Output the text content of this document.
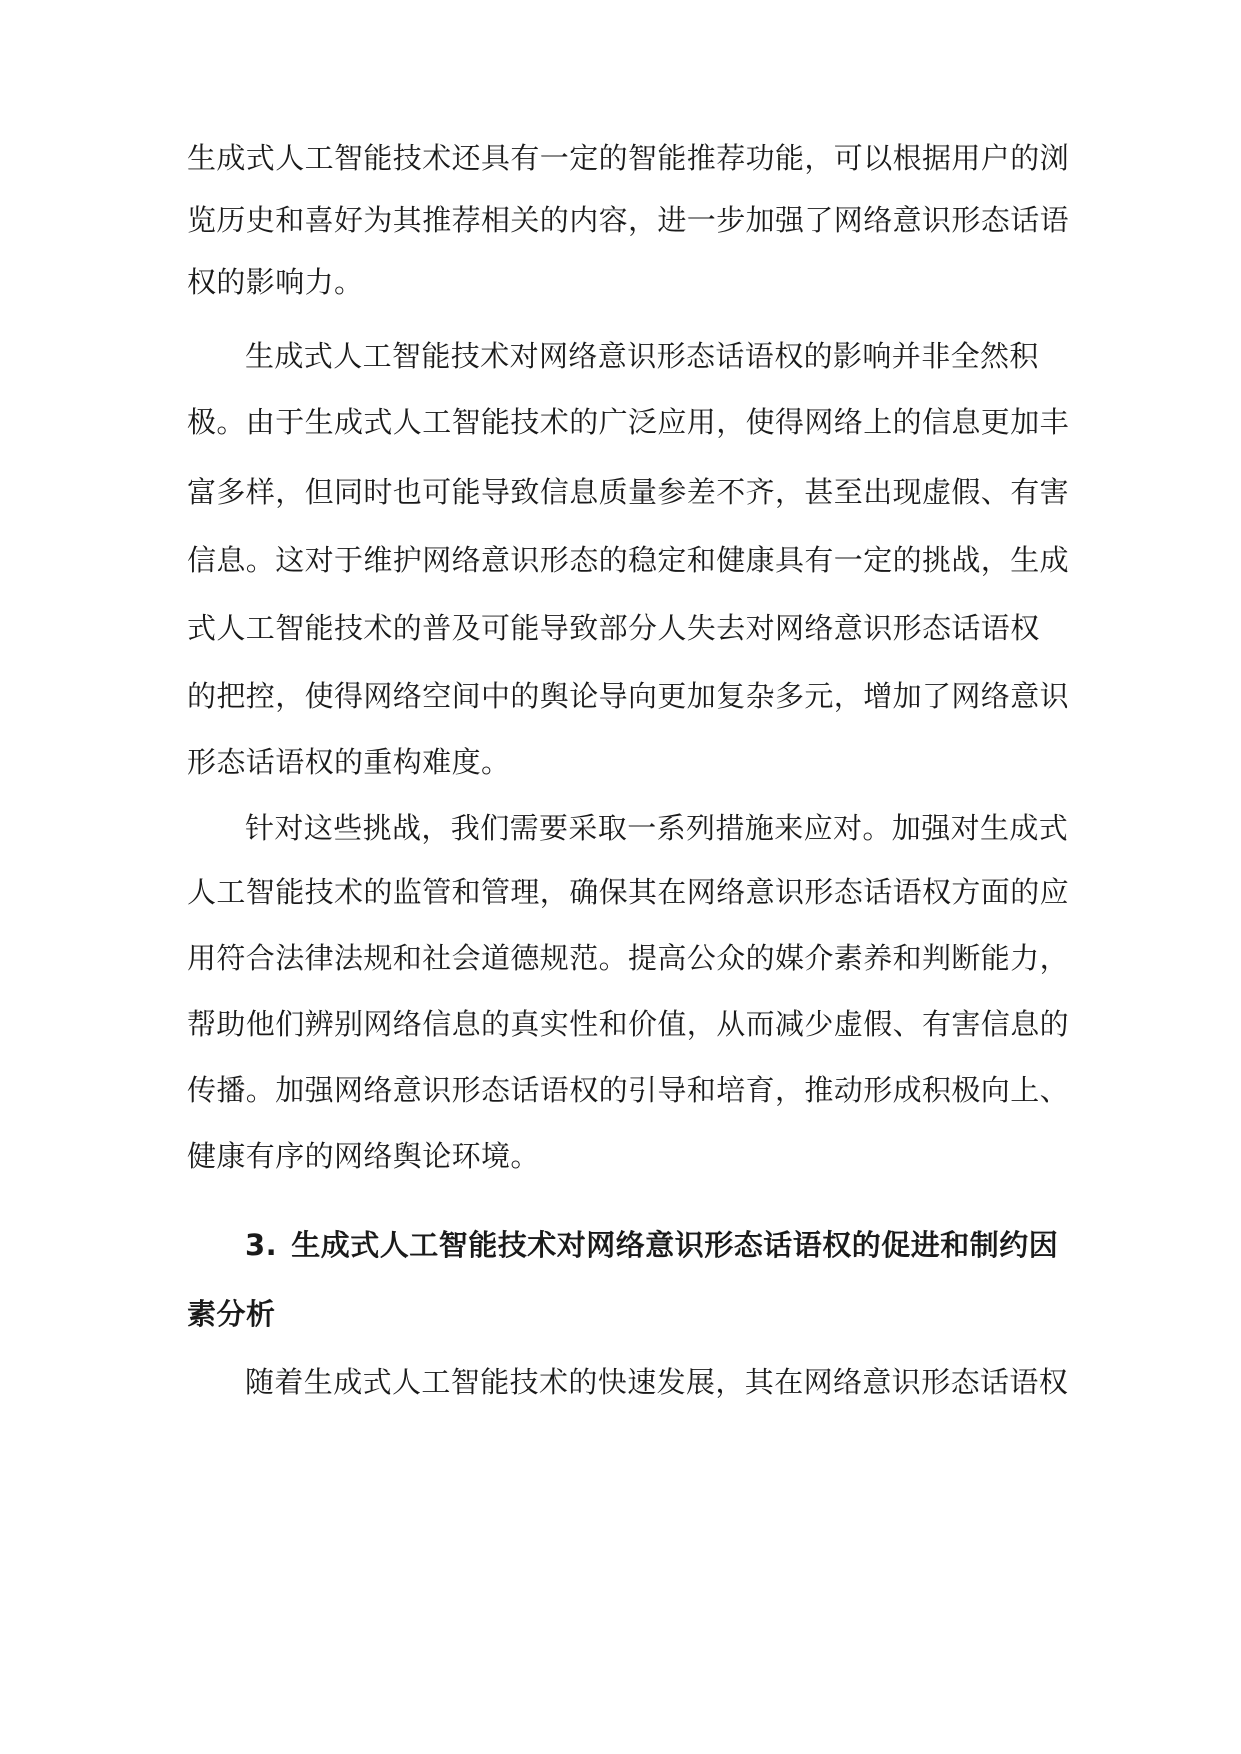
生成式人工智能技术还具有一定的智能推荐功能，可以根据用户的浏
览历史和喜好为其推荐相关的内容，进一步加强了网络意识形态话语
权的影响力。
生成式人工智能技术对网络意识形态话语权的影响并非全然积
极。由于生成式人工智能技术的广泛应用，使得网络上的信息更加丰
富多样，但同时也可能导致信息质量参差不齐，甚至出现虚假、有害
信息。这对于维护网络意识形态的稳定和健康具有一定的挑战，生成
式人工智能技术的普及可能导致部分人失去对网络意识形态话语权
的把控，使得网络空间中的舆论导向更加复杂多元，增加了网络意识
形态话语权的重构难度。
针对这些挑战，我们需要采取一系列措施来应对。加强对生成式
人工智能技术的监管和管理，确保其在网络意识形态话语权方面的应
用符合法律法规和社会道德规范。提高公众的媒介素养和判断能力，
帮助他们辨别网络信息的真实性和价值，从而减少虚假、有害信息的
传播。加强网络意识形态话语权的引导和培育，推动形成积极向上、
健康有序的网络舆论环境。
3. 生成式人工智能技术对网络意识形态话语权的促进和制约因
素分析
随着生成式人工智能技术的快速发展，其在网络意识形态话语权
